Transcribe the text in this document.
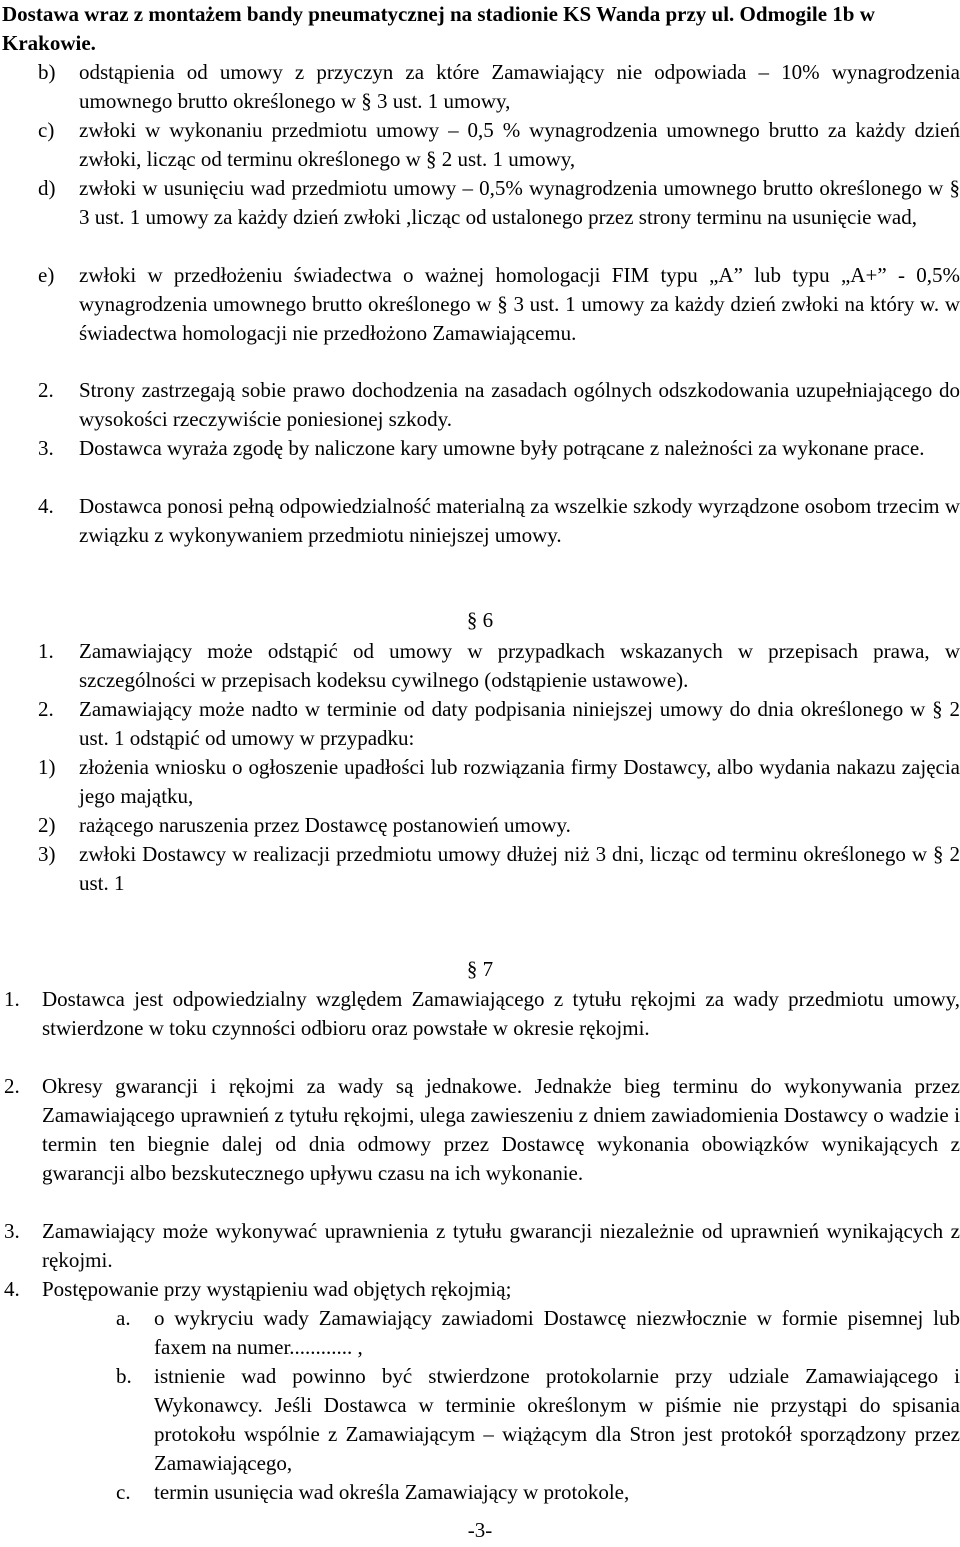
Dostawa wraz z montażem bandy pneumatycznej na stadionie KS Wanda przy ul. Odmogile 1b w Krakowie.
b)	odstąpienia od umowy z przyczyn za które Zamawiający nie odpowiada – 10% wynagrodzenia umownego brutto określonego w § 3 ust. 1 umowy,
c)	zwłoki w wykonaniu przedmiotu umowy – 0,5 % wynagrodzenia umownego brutto za każdy dzień zwłoki, licząc od terminu określonego w § 2 ust. 1 umowy,
d)	zwłoki w usunięciu wad przedmiotu umowy – 0,5% wynagrodzenia umownego brutto określonego w § 3 ust. 1 umowy za każdy dzień zwłoki ,licząc od ustalonego przez strony terminu na usunięcie wad,
e)	zwłoki w przedłożeniu świadectwa o ważnej homologacji FIM typu „A” lub typu „A+” - 0,5% wynagrodzenia umownego brutto określonego w § 3 ust. 1 umowy za każdy dzień zwłoki na który w. w świadectwa homologacji nie przedłożono Zamawiającemu.
2.	Strony zastrzegają sobie prawo dochodzenia na zasadach ogólnych odszkodowania uzupełniającego do wysokości rzeczywiście poniesionej szkody.
3.	Dostawca wyraża zgodę by naliczone kary umowne były potrącane z należności za wykonane prace.
4.	Dostawca ponosi pełną odpowiedzialność materialną za wszelkie szkody wyrządzone osobom trzecim w związku z wykonywaniem przedmiotu niniejszej umowy.
§ 6
1.	Zamawiający może odstąpić od umowy w przypadkach wskazanych w przepisach prawa, w szczególności w przepisach kodeksu cywilnego (odstąpienie ustawowe).
2.	Zamawiający może nadto w terminie od daty podpisania niniejszej umowy do dnia określonego w § 2 ust. 1 odstąpić od umowy w przypadku:
1)	złożenia wniosku o ogłoszenie upadłości lub rozwiązania firmy Dostawcy, albo wydania nakazu zajęcia jego majątku,
2)	rażącego naruszenia przez Dostawcę postanowień umowy.
3)	zwłoki Dostawcy w realizacji przedmiotu umowy dłużej niż 3 dni, licząc od terminu określonego w § 2 ust. 1
§ 7
1.	Dostawca jest odpowiedzialny względem Zamawiającego z tytułu rękojmi za wady przedmiotu umowy, stwierdzone w toku czynności odbioru oraz powstałe w okresie rękojmi.
2.	Okresy gwarancji i rękojmi za wady są jednakowe. Jednakże bieg terminu do wykonywania przez Zamawiającego uprawnień z tytułu rękojmi, ulega zawieszeniu z dniem zawiadomienia Dostawcy o wadzie i termin ten biegnie dalej od dnia odmowy przez Dostawcę wykonania obowiązków wynikających z gwarancji albo bezskutecznego upływu czasu na ich wykonanie.
3.	Zamawiający może wykonywać uprawnienia z tytułu gwarancji niezależnie od uprawnień wynikających z rękojmi.
4.	Postępowanie przy wystąpieniu wad objętych rękojmią;
a.	o wykryciu wady Zamawiający zawiadomi Dostawcę niezwłocznie w formie pisemnej lub faxem na numer............ ,
b.	istnienie wad powinno być stwierdzone protokolarnie przy udziale Zamawiającego i Wykonawcy. Jeśli Dostawca w terminie określonym w piśmie nie przystąpi do spisania protokołu wspólnie z Zamawiającym – wiążącym dla Stron jest protokół sporządzony przez Zamawiającego,
c.	termin usunięcia wad określa Zamawiający w protokole,
-3-
